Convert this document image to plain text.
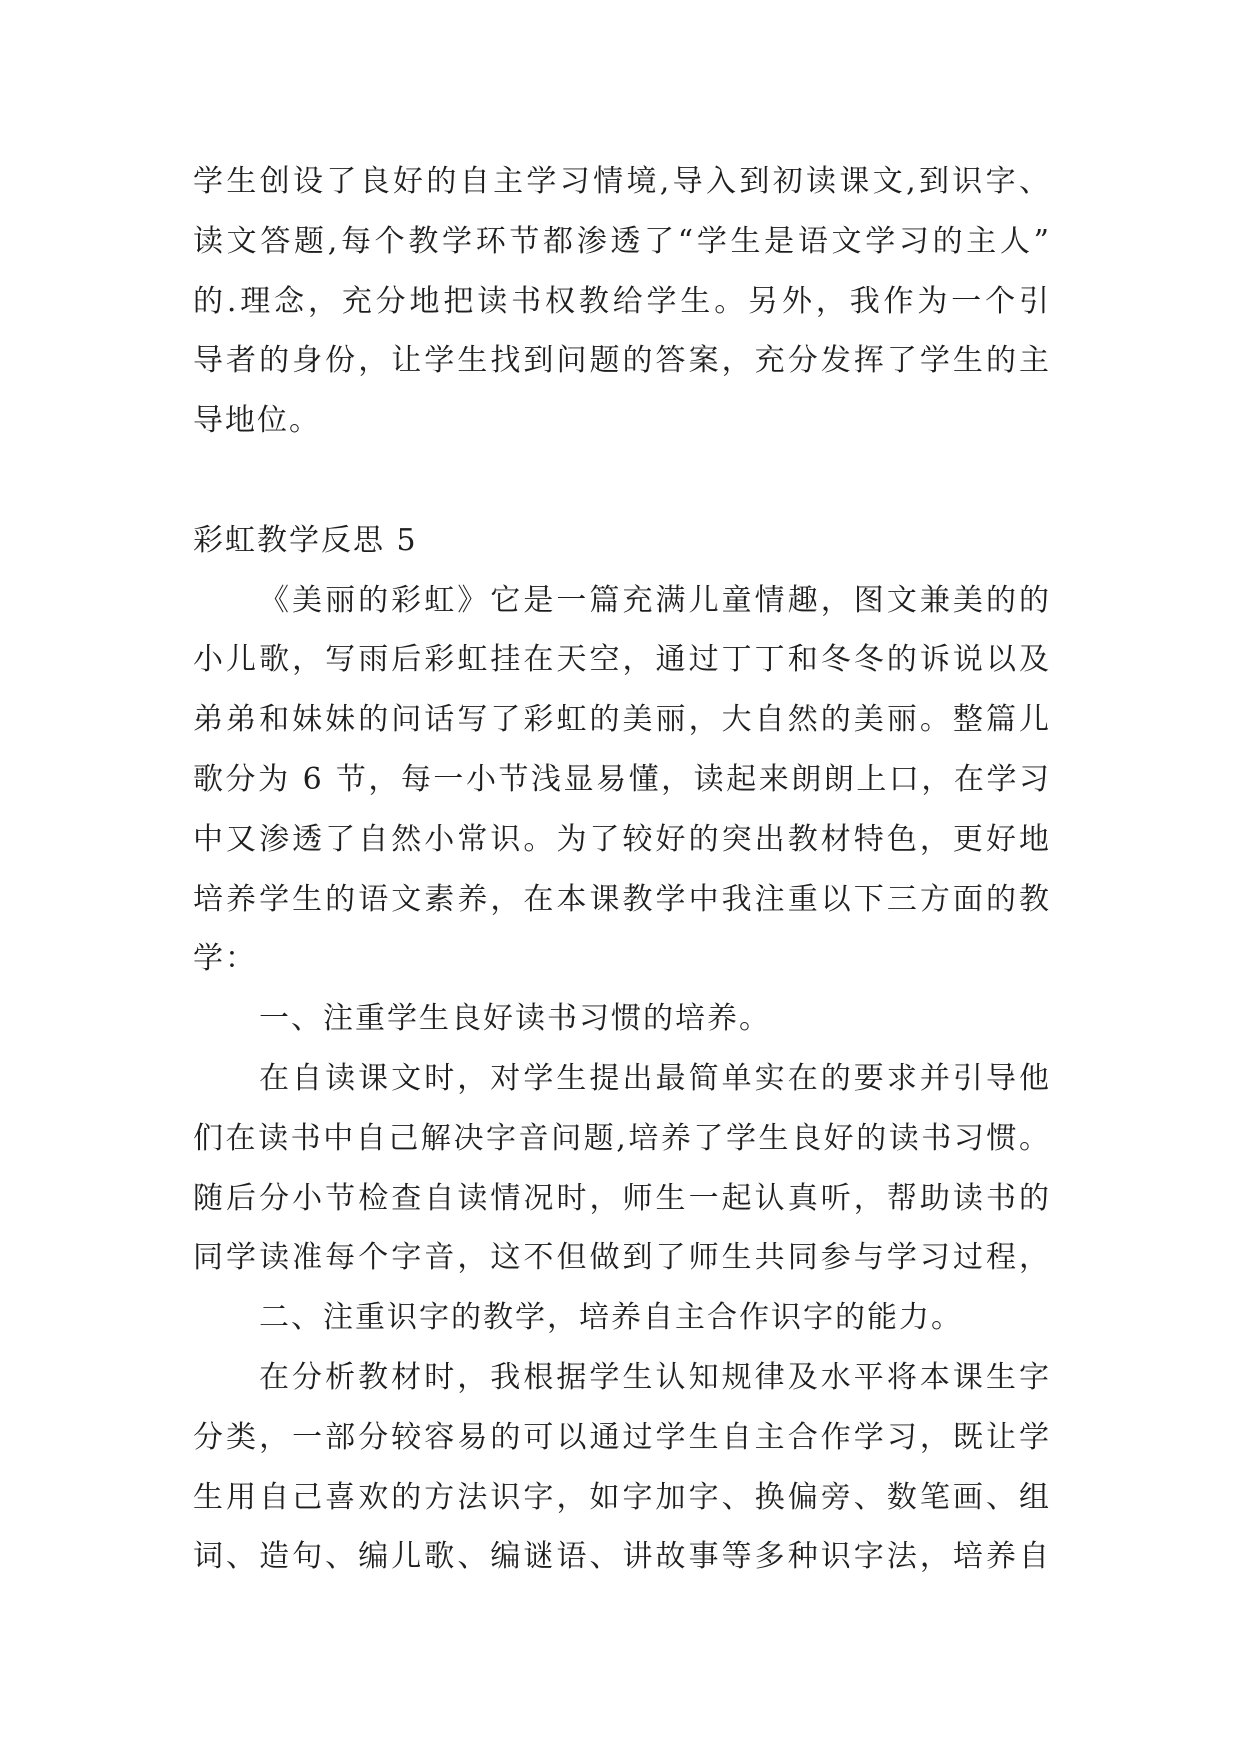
学生创设了良好的自主学习情境,导入到初读课文,到识字、
读文答题,每个教学环节都渗透了“学生是语文学习的主人”
的.理念，充分地把读书权教给学生。另外，我作为一个引
导者的身份，让学生找到问题的答案，充分发挥了学生的主
导地位。
彩虹教学反思 5
《美丽的彩虹》它是一篇充满儿童情趣，图文兼美的的
小儿歌，写雨后彩虹挂在天空，通过丁丁和冬冬的诉说以及
弟弟和妹妹的问话写了彩虹的美丽，大自然的美丽。整篇儿
歌分为 6 节，每一小节浅显易懂，读起来朗朗上口，在学习
中又渗透了自然小常识。为了较好的突出教材特色，更好地
培养学生的语文素养，在本课教学中我注重以下三方面的教
学：
一、注重学生良好读书习惯的培养。
在自读课文时，对学生提出最简单实在的要求并引导他
们在读书中自己解决字音问题,培养了学生良好的读书习惯。
随后分小节检查自读情况时，师生一起认真听，帮助读书的
同学读准每个字音，这不但做到了师生共同参与学习过程，
二、注重识字的教学，培养自主合作识字的能力。
在分析教材时，我根据学生认知规律及水平将本课生字
分类，一部分较容易的可以通过学生自主合作学习，既让学
生用自己喜欢的方法识字，如字加字、换偏旁、数笔画、组
词、造句、编儿歌、编谜语、讲故事等多种识字法，培养自
